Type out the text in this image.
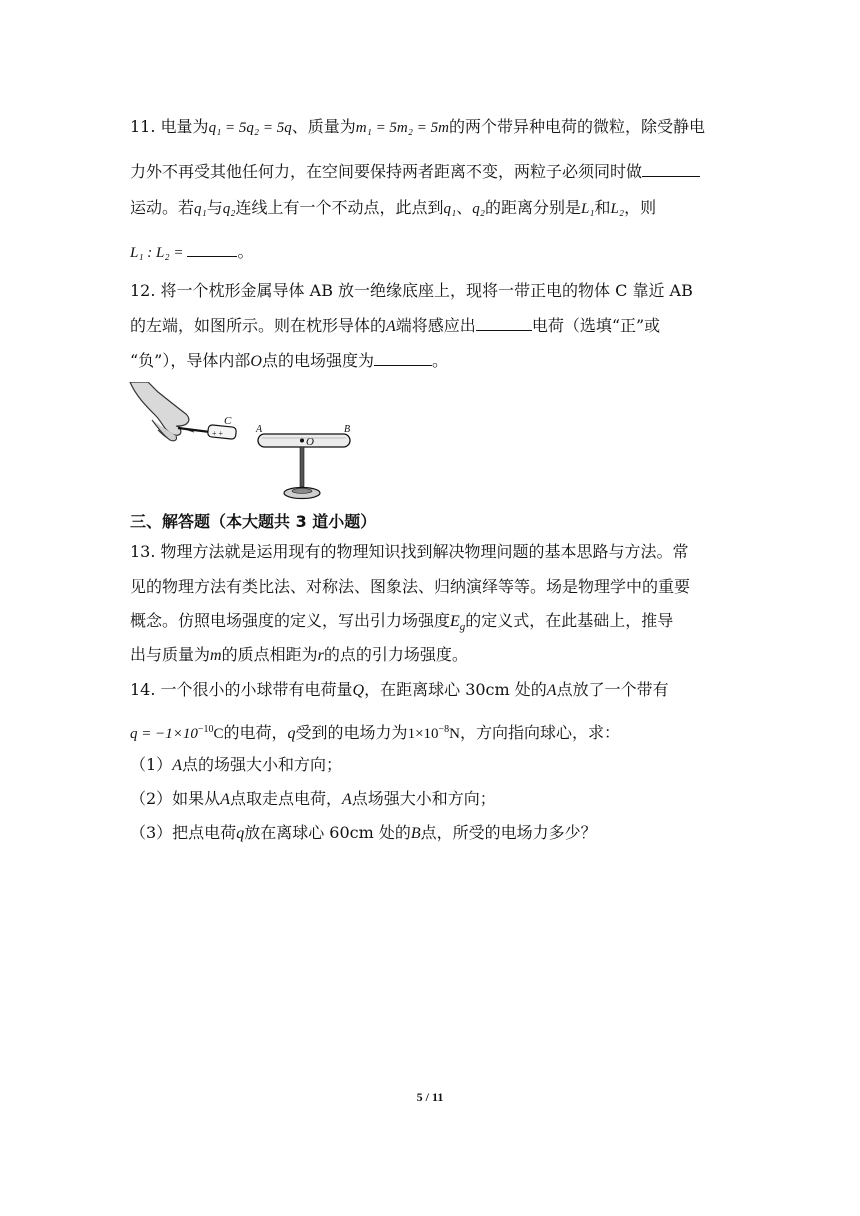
11. 电量为q₁ = 5q₂ = 5q、质量为m₁ = 5m₂ = 5m的两个带异种电荷的微粒，除受静电
力外不再受其他任何力，在空间要保持两者距离不变，两粒子必须同时做
运动。若q₁与q₂连线上有一个不动点，此点到q₁、q₂的距离分别是L₁和L₂，则
L₁ : L₂ =	。
12. 将一个枕形金属导体 AB 放一绝缘底座上，现将一带正电的物体 C 靠近 AB
的左端，如图所示。则在枕形导体的A端将感应出	电荷（选填“正”或
“负”），导体内部O点的电场强度为	。
+ +
C
O
A	B
三、解答题（本大题共 3 道小题）
13. 物理方法就是运用现有的物理知识找到解决物理问题的基本思路与方法。常
见的物理方法有类比法、对称法、图象法、归纳演绎等等。场是物理学中的重要
概念。仿照电场强度的定义，写出引力场强度$E_g$的定义式，在此基础上，推导
出与质量为m的质点相距为r的点的引力场强度。
14. 一个很小的小球带有电荷量Q，在距离球心 30cm 处的A点放了一个带有
$q = -1\times 10^{-10}C$的电荷，q受到的电场力为$1\times 10^{-8}N$，方向指向球心，求：
（1）A点的场强大小和方向；
（2）如果从A点取走点电荷，A点场强大小和方向；
（3）把点电荷q放在离球心 60cm 处的B点，所受的电场力多少？
5 / 11
